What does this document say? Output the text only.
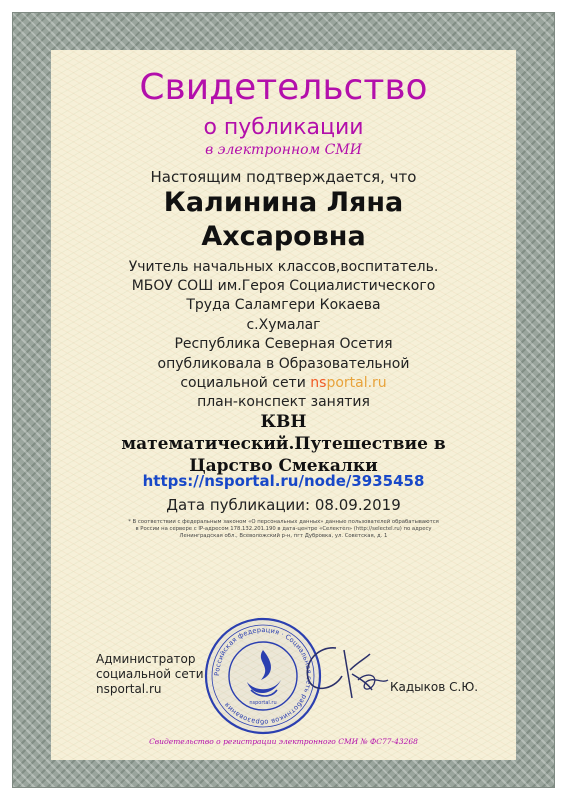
Свидетельство
о публикации
в электронном СМИ
Настоящим подтверждается, что
Калинина Ляна
Ахсаровна
Учитель начальных классов,воспитатель.
МБОУ СОШ им.Героя Социалистического
Труда Саламгери Кокаева
с.Хумалаг
Республика Северная Осетия
опубликовала в Образовательной
социальной сети nsportal.ru
план-конспект занятия
КВН
математический.Путешествие в
Царство Смекалки
https://nsportal.ru/node/3935458
Дата публикации: 08.09.2019
* В соответствии с федеральным законом «О персональных данных» данные пользователей обрабатываются
в России на сервере с IP-адресом 178.132.201.190 в дата-центре «Селектел» (http://selectel.ru) по адресу
Ленинградская обл., Всеволожский р-н, пгт Дубровка, ул. Советская, д. 1
Администратор
социальной сети
nsportal.ru
Российская федерация · Социальная сеть работников образования	nsportal.ru
Кадыков С.Ю.
Свидетельство о регистрации электронного СМИ № ФС77-43268
